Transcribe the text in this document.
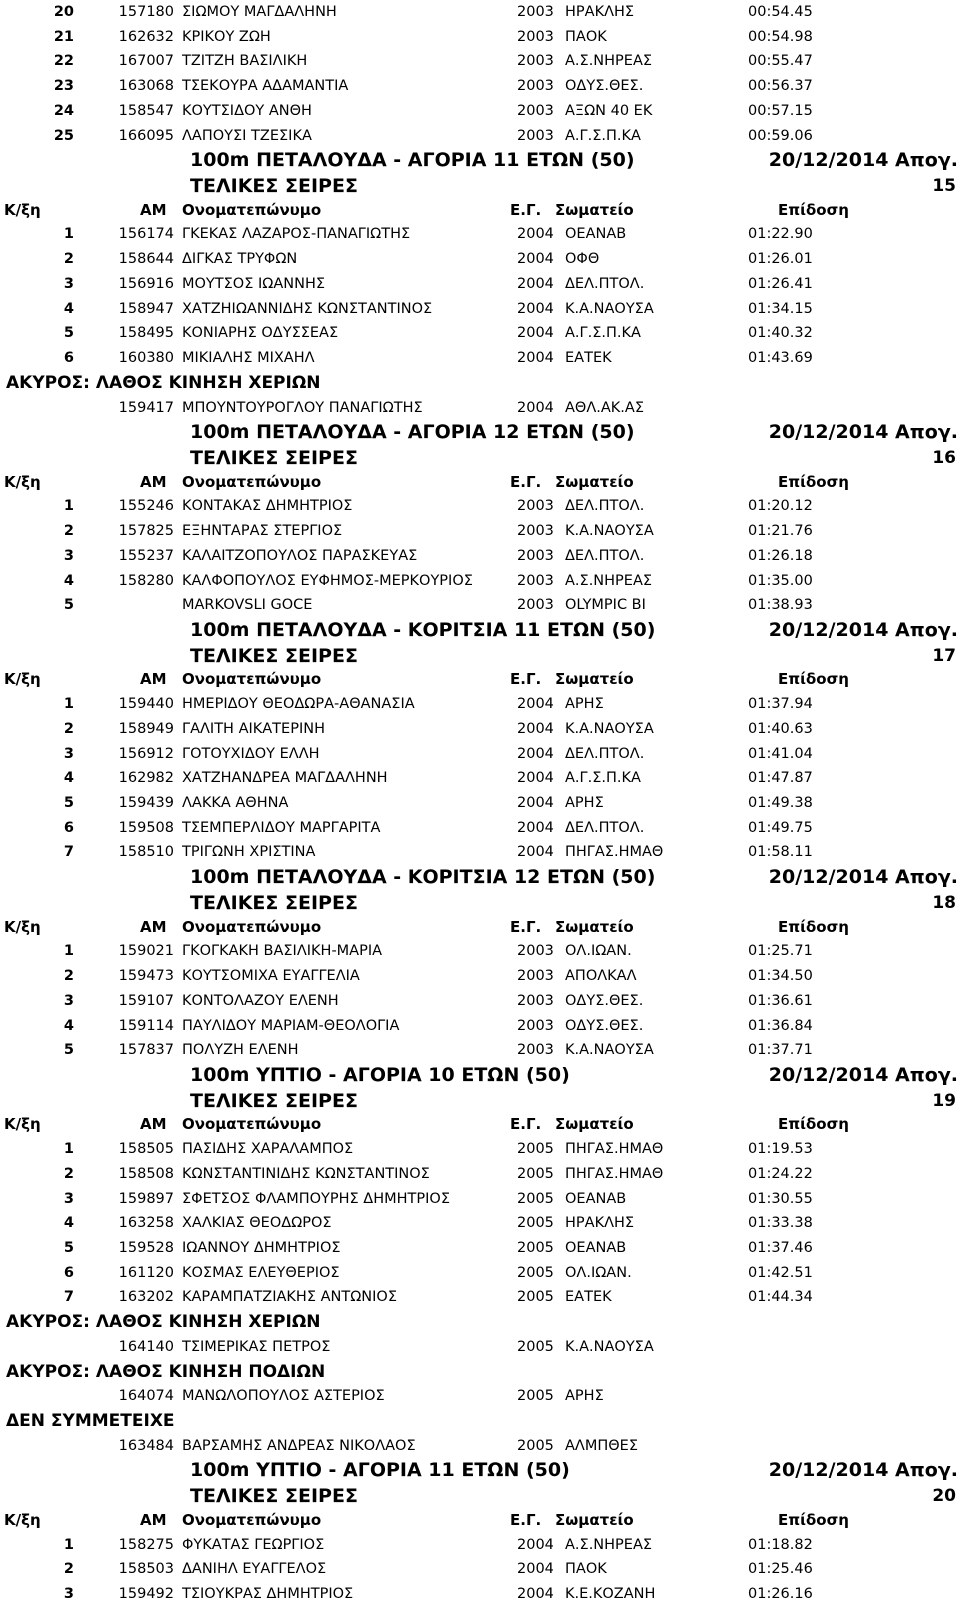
20	157180 ΣΙΩΜΟΥ ΜΑΓΔΑΛΗΝΗ	2003 ΗΡΑΚΛΗΣ	00:54.45
21	162632 ΚΡΙΚΟΥ ΖΩΗ	2003 ΠΑΟΚ	00:54.98
22	167007 ΤΖΙΤΖΗ ΒΑΣΙΛΙΚΗ	2003 Α.Σ.ΝΗΡΕΑΣ	00:55.47
23	163068 ΤΣΕΚΟΥΡΑ ΑΔΑΜΑΝΤΙΑ	2003 ΟΔΥΣ.ΘΕΣ.	00:56.37
24	158547 ΚΟΥΤΣΙΔΟΥ ΑΝΘΗ	2003 ΑΞΩΝ 40 ΕΚ	00:57.15
25	166095 ΛΑΠΟΥΣΙ ΤΖΕΣΙΚΑ	2003 Α.Γ.Σ.Π.ΚΑ	00:59.06
100m ΠΕΤΑΛΟΥΔΑ - ΑΓΟΡΙΑ 11 ΕΤΩΝ (50)	20/12/2014 Απογ.
ΤΕΛΙΚΕΣ ΣΕΙΡΕΣ	15
Κ/ξη	ΑΜ Ονοματεπώνυμο	Ε.Γ. Σωματείο	Επίδοση
1	156174 ΓΚΕΚΑΣ ΛΑΖΑΡΟΣ-ΠΑΝΑΓΙΩΤΗΣ	2004 ΟΕΑΝΑΒ	01:22.90
2	158644 ΔΙΓΚΑΣ ΤΡΥΦΩΝ	2004 ΟΦΘ	01:26.01
3	156916 ΜΟΥΤΣΟΣ ΙΩΑΝΝΗΣ	2004 ΔΕΛ.ΠΤΟΛ.	01:26.41
4	158947 ΧΑΤΖΗΙΩΑΝΝΙΔΗΣ ΚΩΝΣΤΑΝΤΙΝΟΣ	2004 Κ.Α.ΝΑΟΥΣΑ	01:34.15
5	158495 ΚΟΝΙΑΡΗΣ ΟΔΥΣΣΕΑΣ	2004 Α.Γ.Σ.Π.ΚΑ	01:40.32
6	160380 ΜΙΚΙΑΛΗΣ ΜΙΧΑΗΛ	2004 ΕΑΤΕΚ	01:43.69
ΑΚΥΡΟΣ: ΛΑΘΟΣ ΚΙΝΗΣΗ ΧΕΡΙΩΝ
159417 ΜΠΟΥΝΤΟΥΡΟΓΛΟΥ ΠΑΝΑΓΙΩΤΗΣ	2004 ΑΘΛ.ΑΚ.ΑΣ
100m ΠΕΤΑΛΟΥΔΑ - ΑΓΟΡΙΑ 12 ΕΤΩΝ (50)	20/12/2014 Απογ.
ΤΕΛΙΚΕΣ ΣΕΙΡΕΣ	16
Κ/ξη	ΑΜ Ονοματεπώνυμο	Ε.Γ. Σωματείο	Επίδοση
1	155246 ΚΟΝΤΑΚΑΣ ΔΗΜΗΤΡΙΟΣ	2003 ΔΕΛ.ΠΤΟΛ.	01:20.12
2	157825 ΕΞΗΝΤΑΡΑΣ ΣΤΕΡΓΙΟΣ	2003 Κ.Α.ΝΑΟΥΣΑ	01:21.76
3	155237 ΚΑΛΑΙΤΖΟΠΟΥΛΟΣ ΠΑΡΑΣΚΕΥΑΣ	2003 ΔΕΛ.ΠΤΟΛ.	01:26.18
4	158280 ΚΑΛΦΟΠΟΥΛΟΣ ΕΥΦΗΜΟΣ-ΜΕΡΚΟΥΡΙΟΣ	2003 Α.Σ.ΝΗΡΕΑΣ	01:35.00
5	MARKOVSLI GOCE	2003 OLYMPIC BI	01:38.93
100m ΠΕΤΑΛΟΥΔΑ - ΚΟΡΙΤΣΙΑ 11 ΕΤΩΝ (50)	20/12/2014 Απογ.
ΤΕΛΙΚΕΣ ΣΕΙΡΕΣ	17
Κ/ξη	ΑΜ Ονοματεπώνυμο	Ε.Γ. Σωματείο	Επίδοση
1	159440 ΗΜΕΡΙΔΟΥ ΘΕΟΔΩΡΑ-ΑΘΑΝΑΣΙΑ	2004 ΑΡΗΣ	01:37.94
2	158949 ΓΑΛΙΤΗ ΑΙΚΑΤΕΡΙΝΗ	2004 Κ.Α.ΝΑΟΥΣΑ	01:40.63
3	156912 ΓΟΤΟΥΧΙΔΟΥ ΕΛΛΗ	2004 ΔΕΛ.ΠΤΟΛ.	01:41.04
4	162982 ΧΑΤΖΗΑΝΔΡΕΑ ΜΑΓΔΑΛΗΝΗ	2004 Α.Γ.Σ.Π.ΚΑ	01:47.87
5	159439 ΛΑΚΚΑ ΑΘΗΝΑ	2004 ΑΡΗΣ	01:49.38
6	159508 ΤΣΕΜΠΕΡΛΙΔΟΥ ΜΑΡΓΑΡΙΤΑ	2004 ΔΕΛ.ΠΤΟΛ.	01:49.75
7	158510 ΤΡΙΓΩΝΗ ΧΡΙΣΤΙΝΑ	2004 ΠΗΓΑΣ.ΗΜΑΘ	01:58.11
100m ΠΕΤΑΛΟΥΔΑ - ΚΟΡΙΤΣΙΑ 12 ΕΤΩΝ (50)	20/12/2014 Απογ.
ΤΕΛΙΚΕΣ ΣΕΙΡΕΣ	18
Κ/ξη	ΑΜ Ονοματεπώνυμο	Ε.Γ. Σωματείο	Επίδοση
1	159021 ΓΚΟΓΚΑΚΗ ΒΑΣΙΛΙΚΗ-ΜΑΡΙΑ	2003 ΟΛ.ΙΩΑΝ.	01:25.71
2	159473 ΚΟΥΤΣΟΜΙΧΑ ΕΥΑΓΓΕΛΙΑ	2003 ΑΠΟΛΚΑΛ	01:34.50
3	159107 ΚΟΝΤΟΛΑΖΟΥ ΕΛΕΝΗ	2003 ΟΔΥΣ.ΘΕΣ.	01:36.61
4	159114 ΠΑΥΛΙΔΟΥ ΜΑΡΙΑΜ-ΘΕΟΛΟΓΙΑ	2003 ΟΔΥΣ.ΘΕΣ.	01:36.84
5	157837 ΠΟΛΥΖΗ ΕΛΕΝΗ	2003 Κ.Α.ΝΑΟΥΣΑ	01:37.71
100m ΥΠΤΙΟ - ΑΓΟΡΙΑ 10 ΕΤΩΝ (50)	20/12/2014 Απογ.
ΤΕΛΙΚΕΣ ΣΕΙΡΕΣ	19
Κ/ξη	ΑΜ Ονοματεπώνυμο	Ε.Γ. Σωματείο	Επίδοση
1	158505 ΠΑΣΙΔΗΣ ΧΑΡΑΛΑΜΠΟΣ	2005 ΠΗΓΑΣ.ΗΜΑΘ	01:19.53
2	158508 ΚΩΝΣΤΑΝΤΙΝΙΔΗΣ ΚΩΝΣΤΑΝΤΙΝΟΣ	2005 ΠΗΓΑΣ.ΗΜΑΘ	01:24.22
3	159897 ΣΦΕΤΣΟΣ ΦΛΑΜΠΟΥΡΗΣ ΔΗΜΗΤΡΙΟΣ	2005 ΟΕΑΝΑΒ	01:30.55
4	163258 ΧΑΛΚΙΑΣ ΘΕΟΔΩΡΟΣ	2005 ΗΡΑΚΛΗΣ	01:33.38
5	159528 ΙΩΑΝΝΟΥ ΔΗΜΗΤΡΙΟΣ	2005 ΟΕΑΝΑΒ	01:37.46
6	161120 ΚΟΣΜΑΣ ΕΛΕΥΘΕΡΙΟΣ	2005 ΟΛ.ΙΩΑΝ.	01:42.51
7	163202 ΚΑΡΑΜΠΑΤΖΙΑΚΗΣ ΑΝΤΩΝΙΟΣ	2005 ΕΑΤΕΚ	01:44.34
ΑΚΥΡΟΣ: ΛΑΘΟΣ ΚΙΝΗΣΗ ΧΕΡΙΩΝ
164140 ΤΣΙΜΕΡΙΚΑΣ ΠΕΤΡΟΣ	2005 Κ.Α.ΝΑΟΥΣΑ
ΑΚΥΡΟΣ: ΛΑΘΟΣ ΚΙΝΗΣΗ ΠΟΔΙΩΝ
164074 ΜΑΝΩΛΟΠΟΥΛΟΣ ΑΣΤΕΡΙΟΣ	2005 ΑΡΗΣ
ΔΕΝ ΣΥΜΜΕΤΕΙΧΕ
163484 ΒΑΡΣΑΜΗΣ ΑΝΔΡΕΑΣ ΝΙΚΟΛΑΟΣ	2005 ΑΛΜΠΘΕΣ
100m ΥΠΤΙΟ - ΑΓΟΡΙΑ 11 ΕΤΩΝ (50)	20/12/2014 Απογ.
ΤΕΛΙΚΕΣ ΣΕΙΡΕΣ	20
Κ/ξη	ΑΜ Ονοματεπώνυμο	Ε.Γ. Σωματείο	Επίδοση
1	158275 ΦΥΚΑΤΑΣ ΓΕΩΡΓΙΟΣ	2004 Α.Σ.ΝΗΡΕΑΣ	01:18.82
2	158503 ΔΑΝΙΗΛ ΕΥΑΓΓΕΛΟΣ	2004 ΠΑΟΚ	01:25.46
3	159492 ΤΣΙΟΥΚΡΑΣ ΔΗΜΗΤΡΙΟΣ	2004 Κ.Ε.ΚΟΖΑΝΗ	01:26.16
